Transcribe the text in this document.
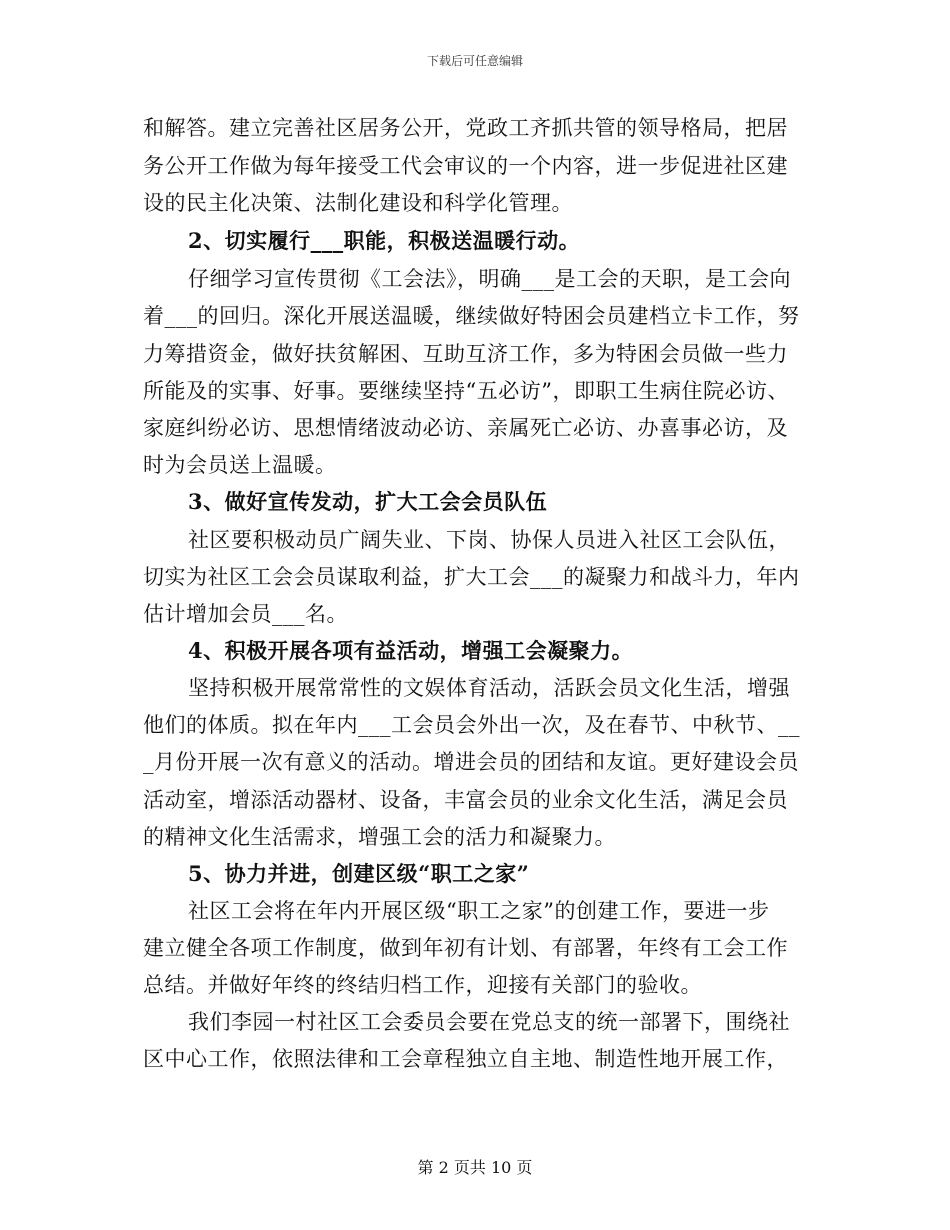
下载后可任意编辑
和解答。建立完善社区居务公开，党政工齐抓共管的领导格局，把居
务公开工作做为每年接受工代会审议的一个内容，进一步促进社区建
设的民主化决策、法制化建设和科学化管理。
2、切实履行___职能，积极送温暖行动。
仔细学习宣传贯彻《工会法》，明确___是工会的天职，是工会向
着___的回归。深化开展送温暖，继续做好特困会员建档立卡工作，努
力筹措资金，做好扶贫解困、互助互济工作，多为特困会员做一些力
所能及的实事、好事。要继续坚持“五必访”，即职工生病住院必访、
家庭纠纷必访、思想情绪波动必访、亲属死亡必访、办喜事必访，及
时为会员送上温暖。
3、做好宣传发动，扩大工会会员队伍
社区要积极动员广阔失业、下岗、协保人员进入社区工会队伍，
切实为社区工会会员谋取利益，扩大工会___的凝聚力和战斗力，年内
估计增加会员___名。
4、积极开展各项有益活动，增强工会凝聚力。
坚持积极开展常常性的文娱体育活动，活跃会员文化生活，增强
他们的体质。拟在年内___工会员会外出一次，及在春节、中秋节、__
_月份开展一次有意义的活动。增进会员的团结和友谊。更好建设会员
活动室，增添活动器材、设备，丰富会员的业余文化生活，满足会员
的精神文化生活需求，增强工会的活力和凝聚力。
5、协力并进，创建区级“职工之家”
社区工会将在年内开展区级“职工之家”的创建工作，要进一步
建立健全各项工作制度，做到年初有计划、有部署，年终有工会工作
总结。并做好年终的终结归档工作，迎接有关部门的验收。
我们李园一村社区工会委员会要在党总支的统一部署下，围绕社
区中心工作，依照法律和工会章程独立自主地、制造性地开展工作，
第 2 页共 10 页
